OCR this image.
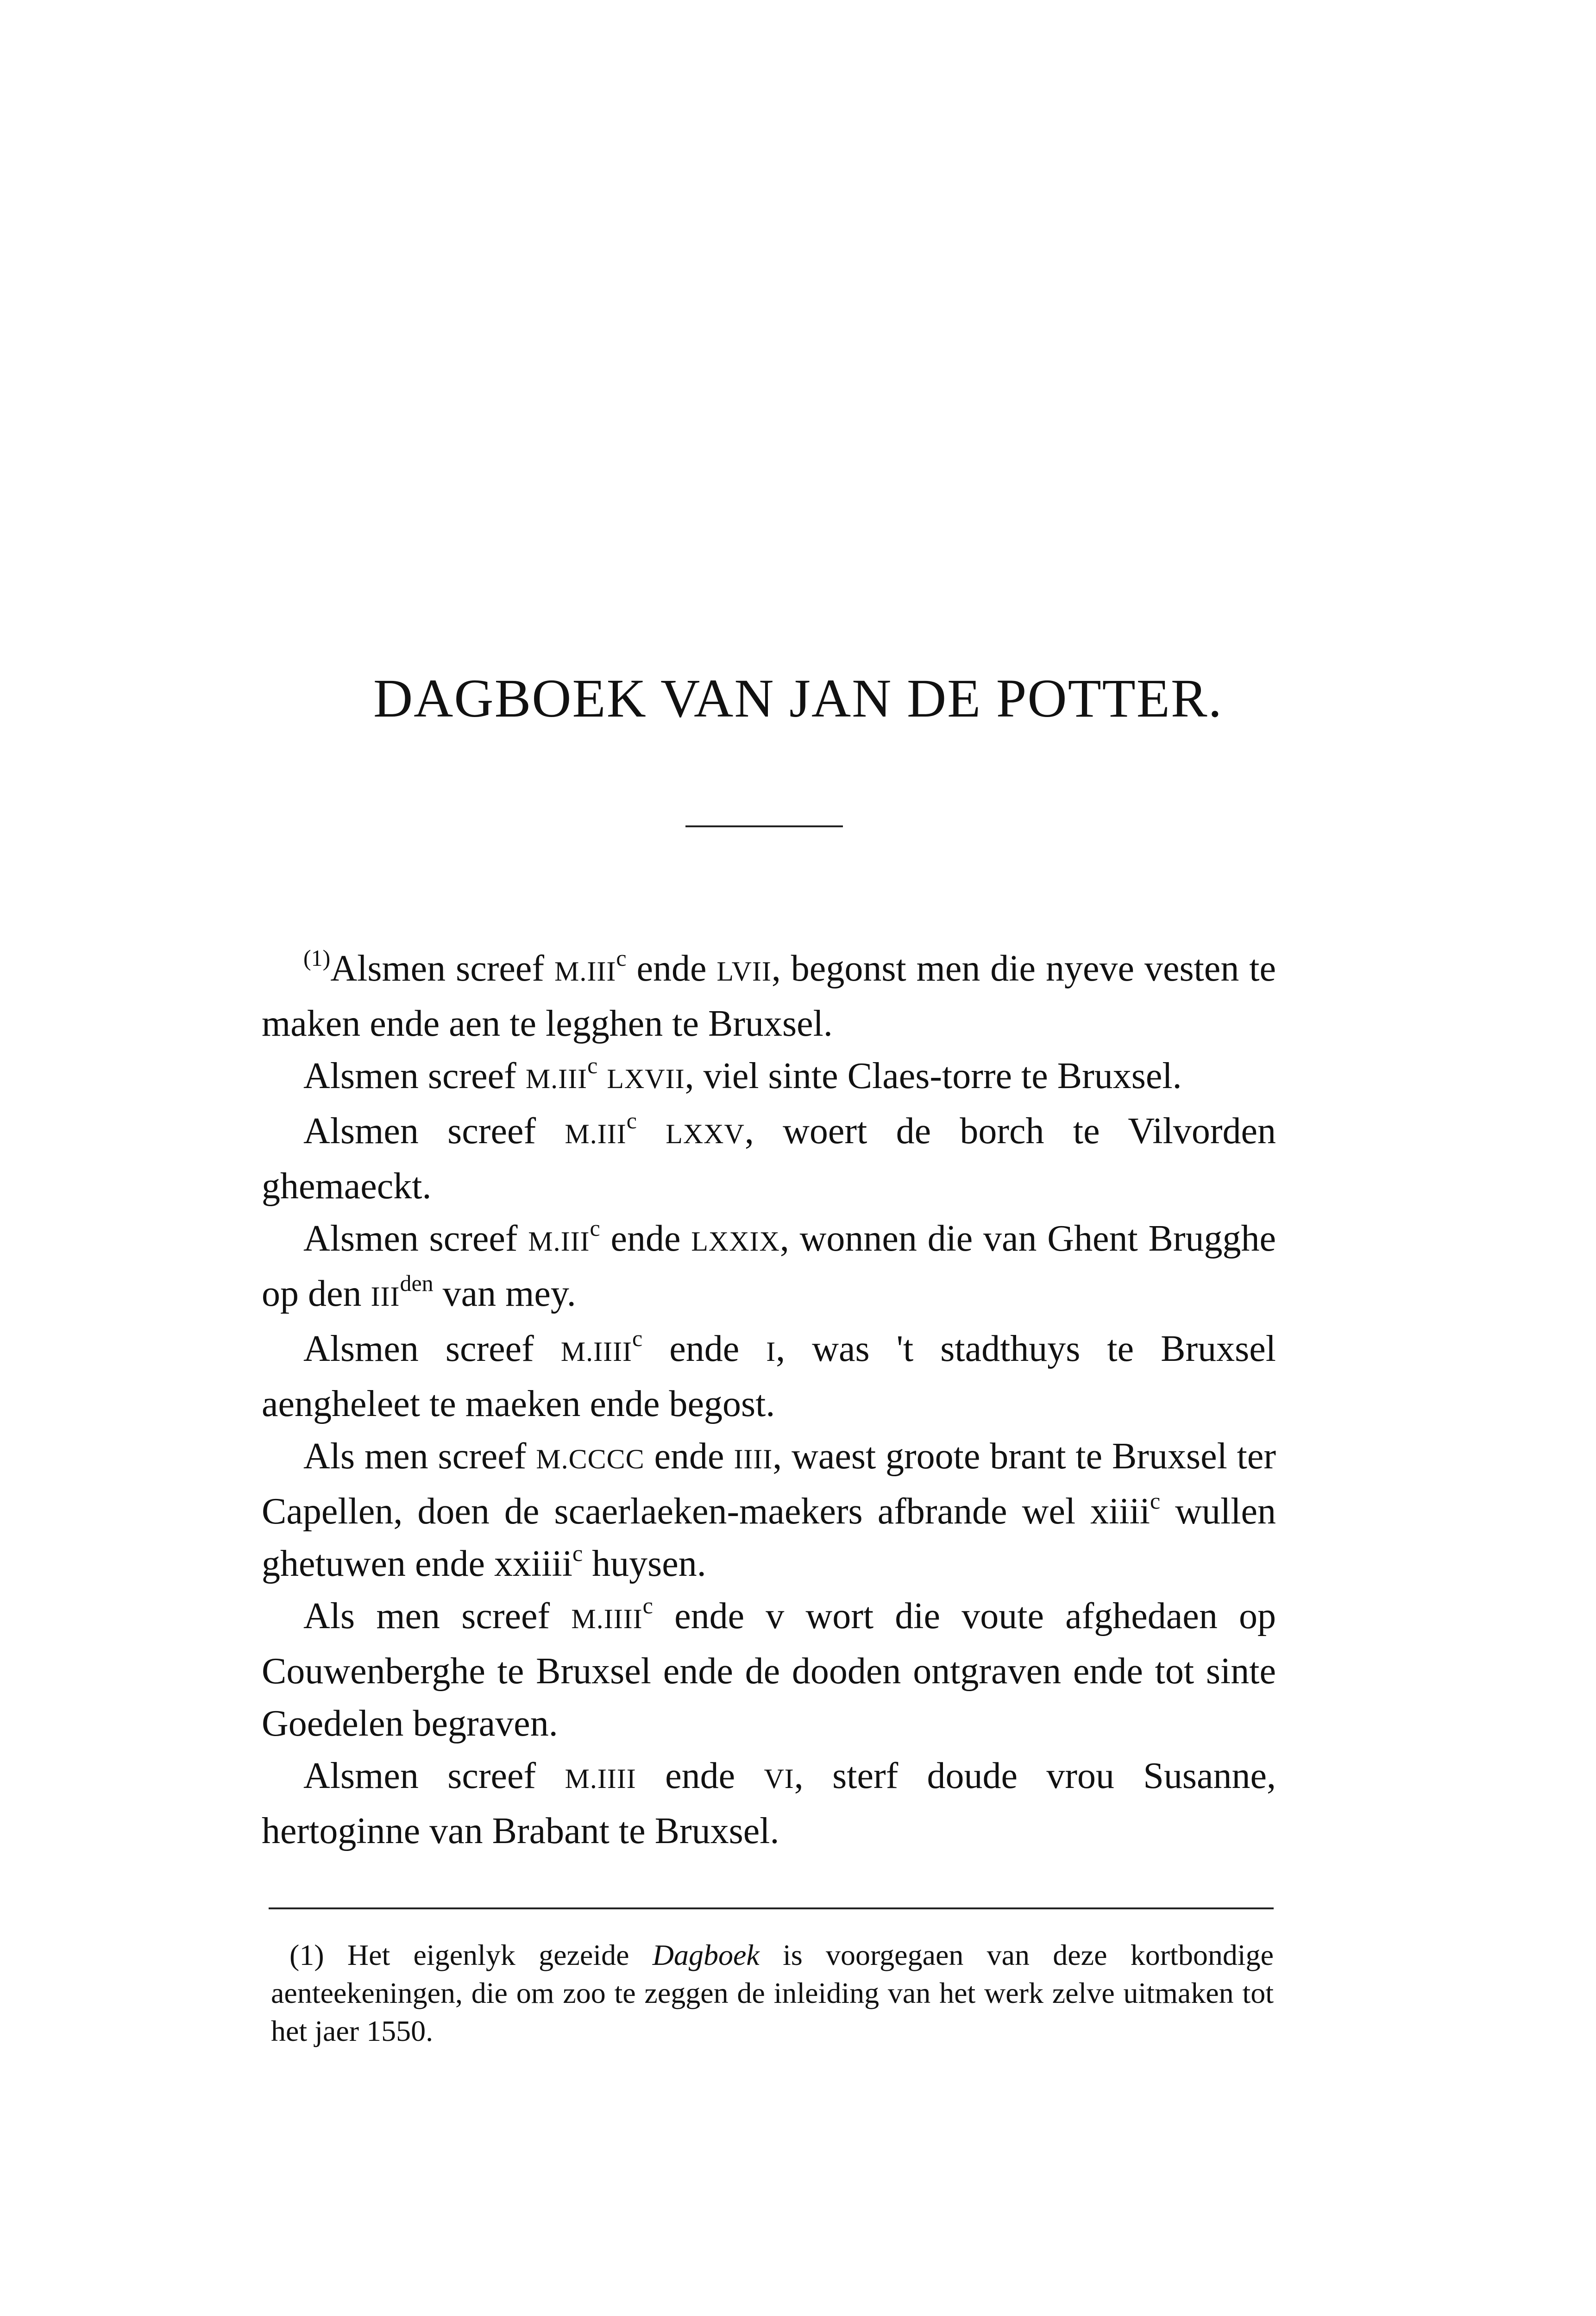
DAGBOEK VAN JAN DE POTTER.

$^{(1)}$Alsmen screef M.III$^c$ ende LVII, begonst men die nyeve vesten te maken ende aen te legghen te Bruxsel.

Alsmen screef M.III$^c$ LXVII, viel sinte Claes-torre te Bruxsel.

Alsmen screef M.III$^c$ LXXV, woert de borch te Vilvorden ghemaeckt.

Alsmen screef M.III$^c$ ende LXXIX, wonnen die van Ghent Brugghe op den $III^{den}$ van mey.

Alsmen screef M.IIII$^c$ ende I, was 't stadthuys te Bruxsel aengheleet te maeken ende begost.

Als men screef M.CCCC ende IIII, waest groote brant te Bruxsel ter Capellen, doen de scaerlaeken-maekers afbrande wel xiiii$^c$ wullen ghetuwen ende xxiiii$^c$ huysen.

Als men screef M.IIII$^c$ ende v wort die voute afghedaen op Couwenberghe te Bruxsel ende de dooden ontgraven ende tot sinte Goedelen begraven.

Alsmen screef M.IIII ende VI, sterf doude vrou Susanne, hertoginne van Brabant te Bruxsel.

(1) Het eigenlyk gezeide Dagboek is voorgegaen van deze kortbondige aenteekeningen, die om zoo te zeggen de inleiding van het werk zelve uitmaken tot het jaer 1550.
